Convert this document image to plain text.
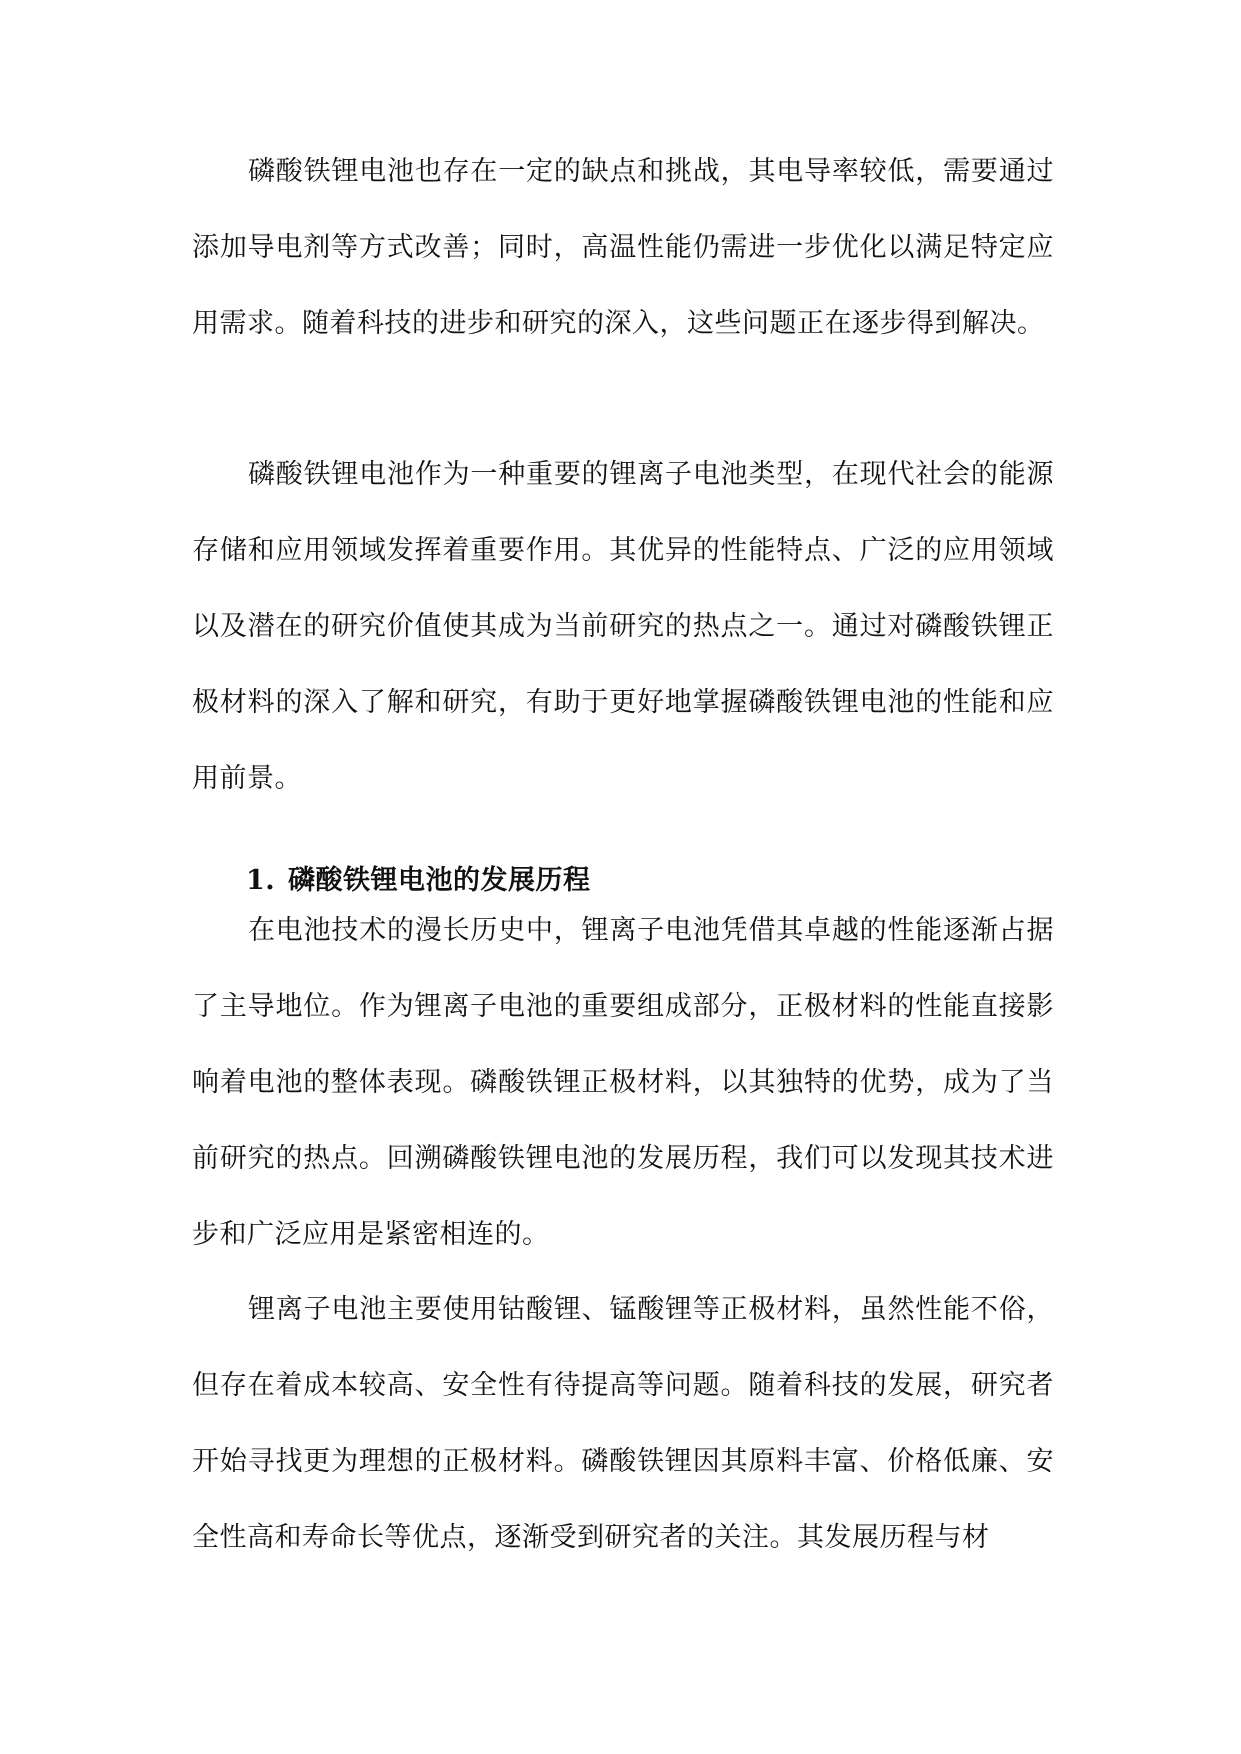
磷酸铁锂电池也存在一定的缺点和挑战，其电导率较低，需要通过添加导电剂等方式改善；同时，高温性能仍需进一步优化以满足特定应用需求。随着科技的进步和研究的深入，这些问题正在逐步得到解决。

磷酸铁锂电池作为一种重要的锂离子电池类型，在现代社会的能源存储和应用领域发挥着重要作用。其优异的性能特点、广泛的应用领域以及潜在的研究价值使其成为当前研究的热点之一。通过对磷酸铁锂正极材料的深入了解和研究，有助于更好地掌握磷酸铁锂电池的性能和应用前景。

1. 磷酸铁锂电池的发展历程

在电池技术的漫长历史中，锂离子电池凭借其卓越的性能逐渐占据了主导地位。作为锂离子电池的重要组成部分，正极材料的性能直接影响着电池的整体表现。磷酸铁锂正极材料，以其独特的优势，成为了当前研究的热点。回溯磷酸铁锂电池的发展历程，我们可以发现其技术进步和广泛应用是紧密相连的。

锂离子电池主要使用钴酸锂、锰酸锂等正极材料，虽然性能不俗，但存在着成本较高、安全性有待提高等问题。随着科技的发展，研究者开始寻找更为理想的正极材料。磷酸铁锂因其原料丰富、价格低廉、安全性高和寿命长等优点，逐渐受到研究者的关注。其发展历程与材
